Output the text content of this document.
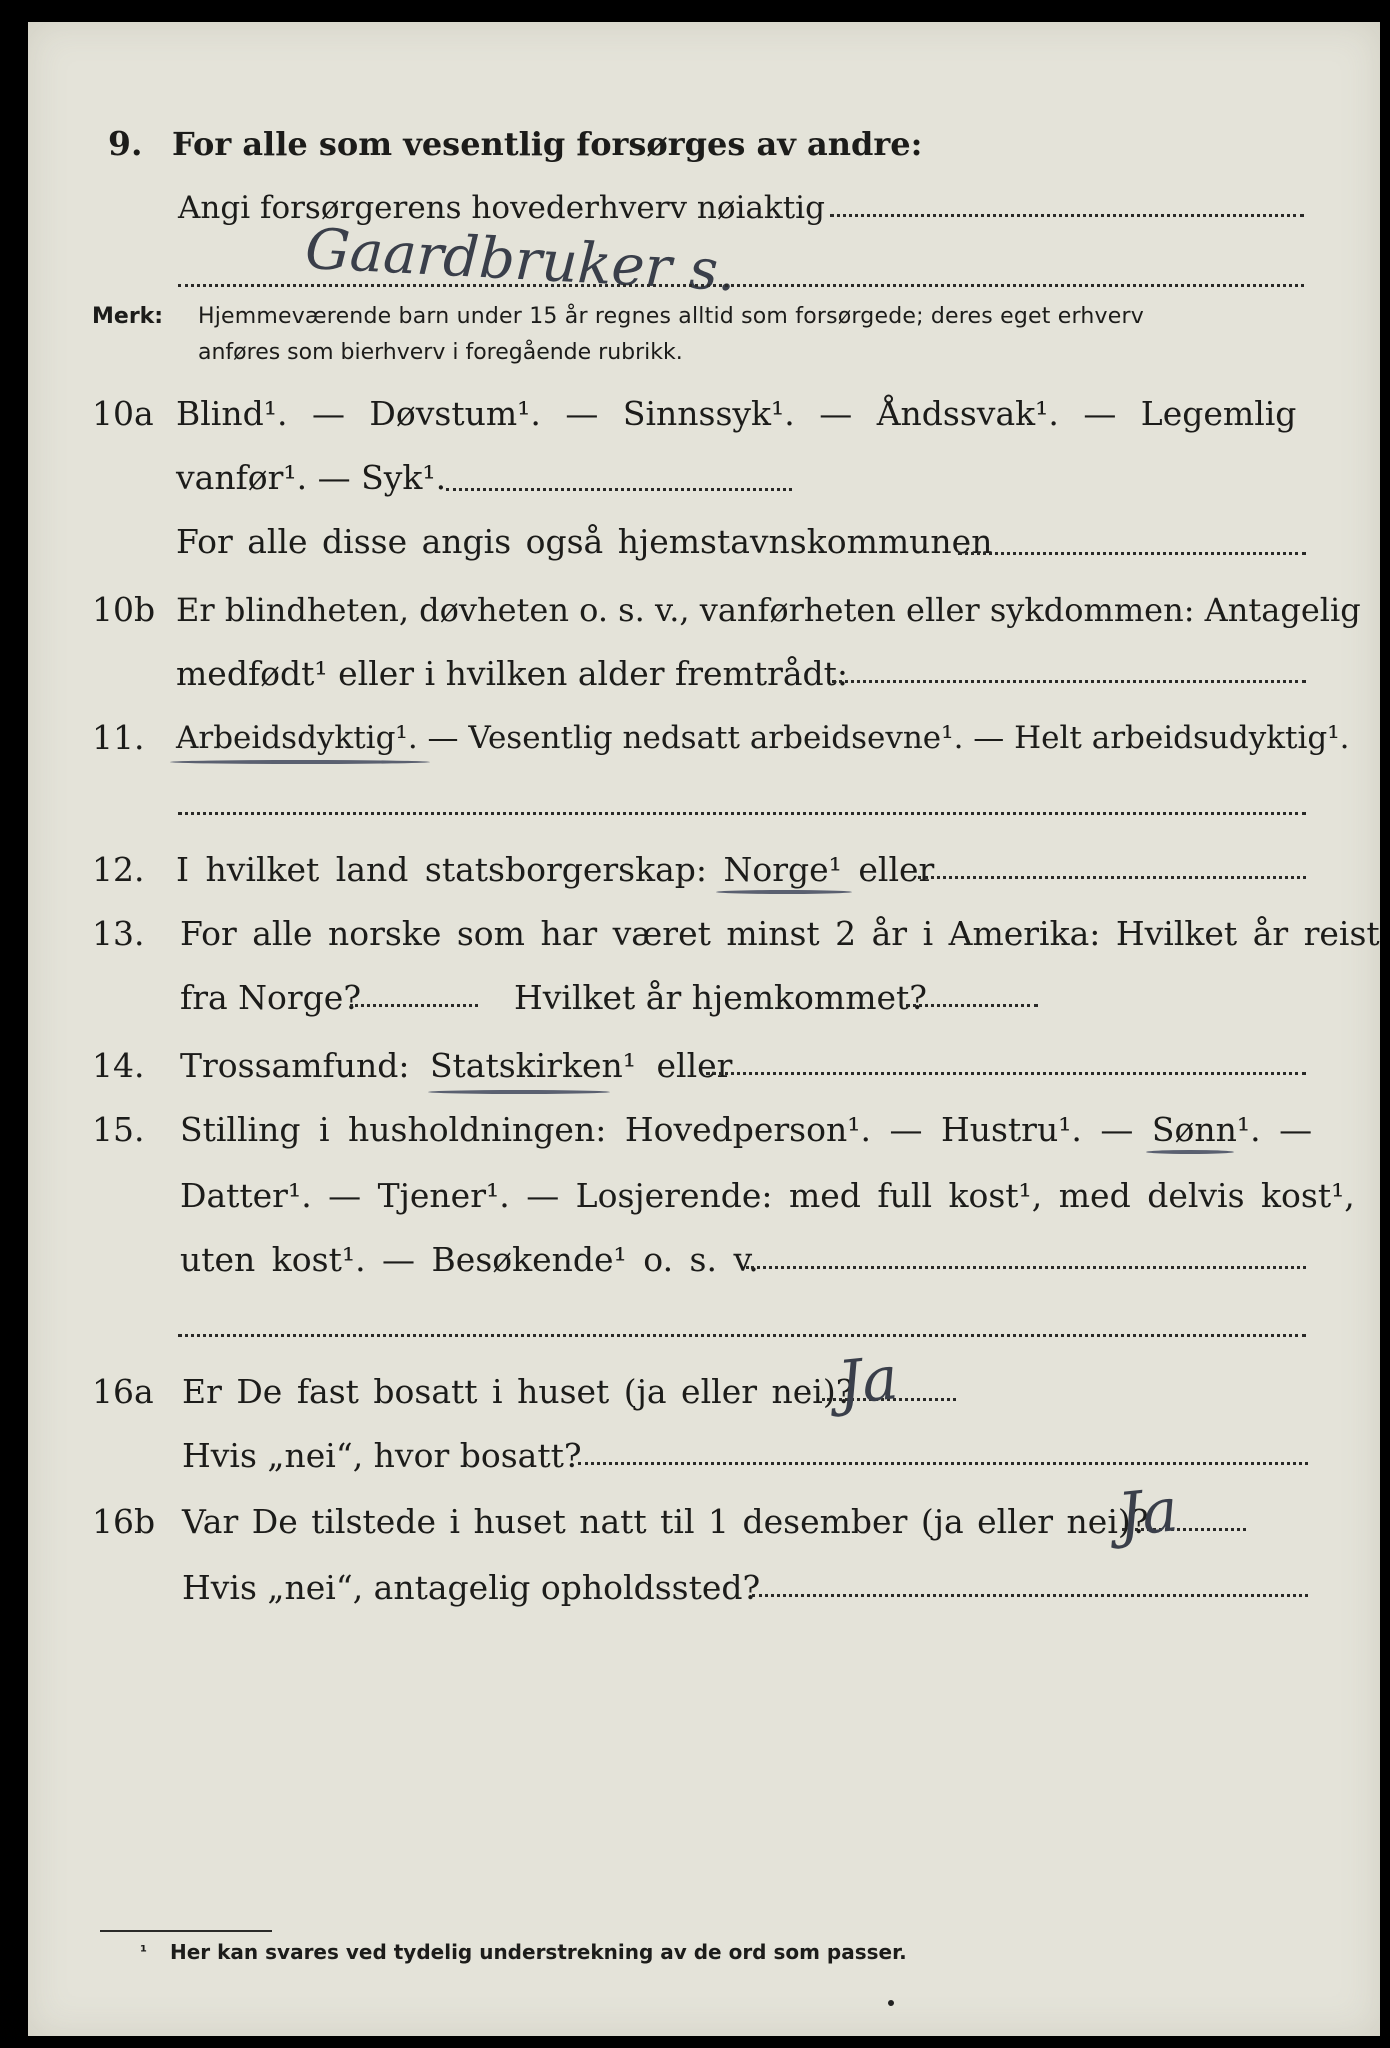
9. For alle som vesentlig forsørges av andre:
Angi forsørgerens hovederhverv nøiaktig
Gaardbruker s.
Merk: Hjemmeværende barn under 15 år regnes alltid som forsørgede; deres eget erhverv
anføres som bierhverv i foregående rubrikk.
10a Blind¹. — Døvstum¹. — Sinnssyk¹. — Åndssvak¹. — Legemlig
vanfør¹. — Syk¹.
For alle disse angis også hjemstavnskommunen
10b Er blindheten, døvheten o. s. v., vanførheten eller sykdommen: Antagelig
medfødt¹ eller i hvilken alder fremtrådt:
11. Arbeidsdyktig¹. — Vesentlig nedsatt arbeidsevne¹. — Helt arbeidsudyktig¹.
12. I hvilket land statsborgerskap: Norge¹ eller
13. For alle norske som har været minst 2 år i Amerika: Hvilket år reist
fra Norge?	Hvilket år hjemkommet?
14. Trossamfund: Statskirken¹ eller
15. Stilling i husholdningen: Hovedperson¹. — Hustru¹. — Sønn¹. —
Datter¹. — Tjener¹. — Losjerende: med full kost¹, med delvis kost¹,
uten kost¹. — Besøkende¹ o. s. v.
16a Er De fast bosatt i huset (ja eller nei)?
Ja
Hvis „nei“, hvor bosatt?
16b Var De tilstede i huset natt til 1 desember (ja eller nei)?
Ja
Hvis „nei“, antagelig opholdssted?
¹ Her kan svares ved tydelig understrekning av de ord som passer.
